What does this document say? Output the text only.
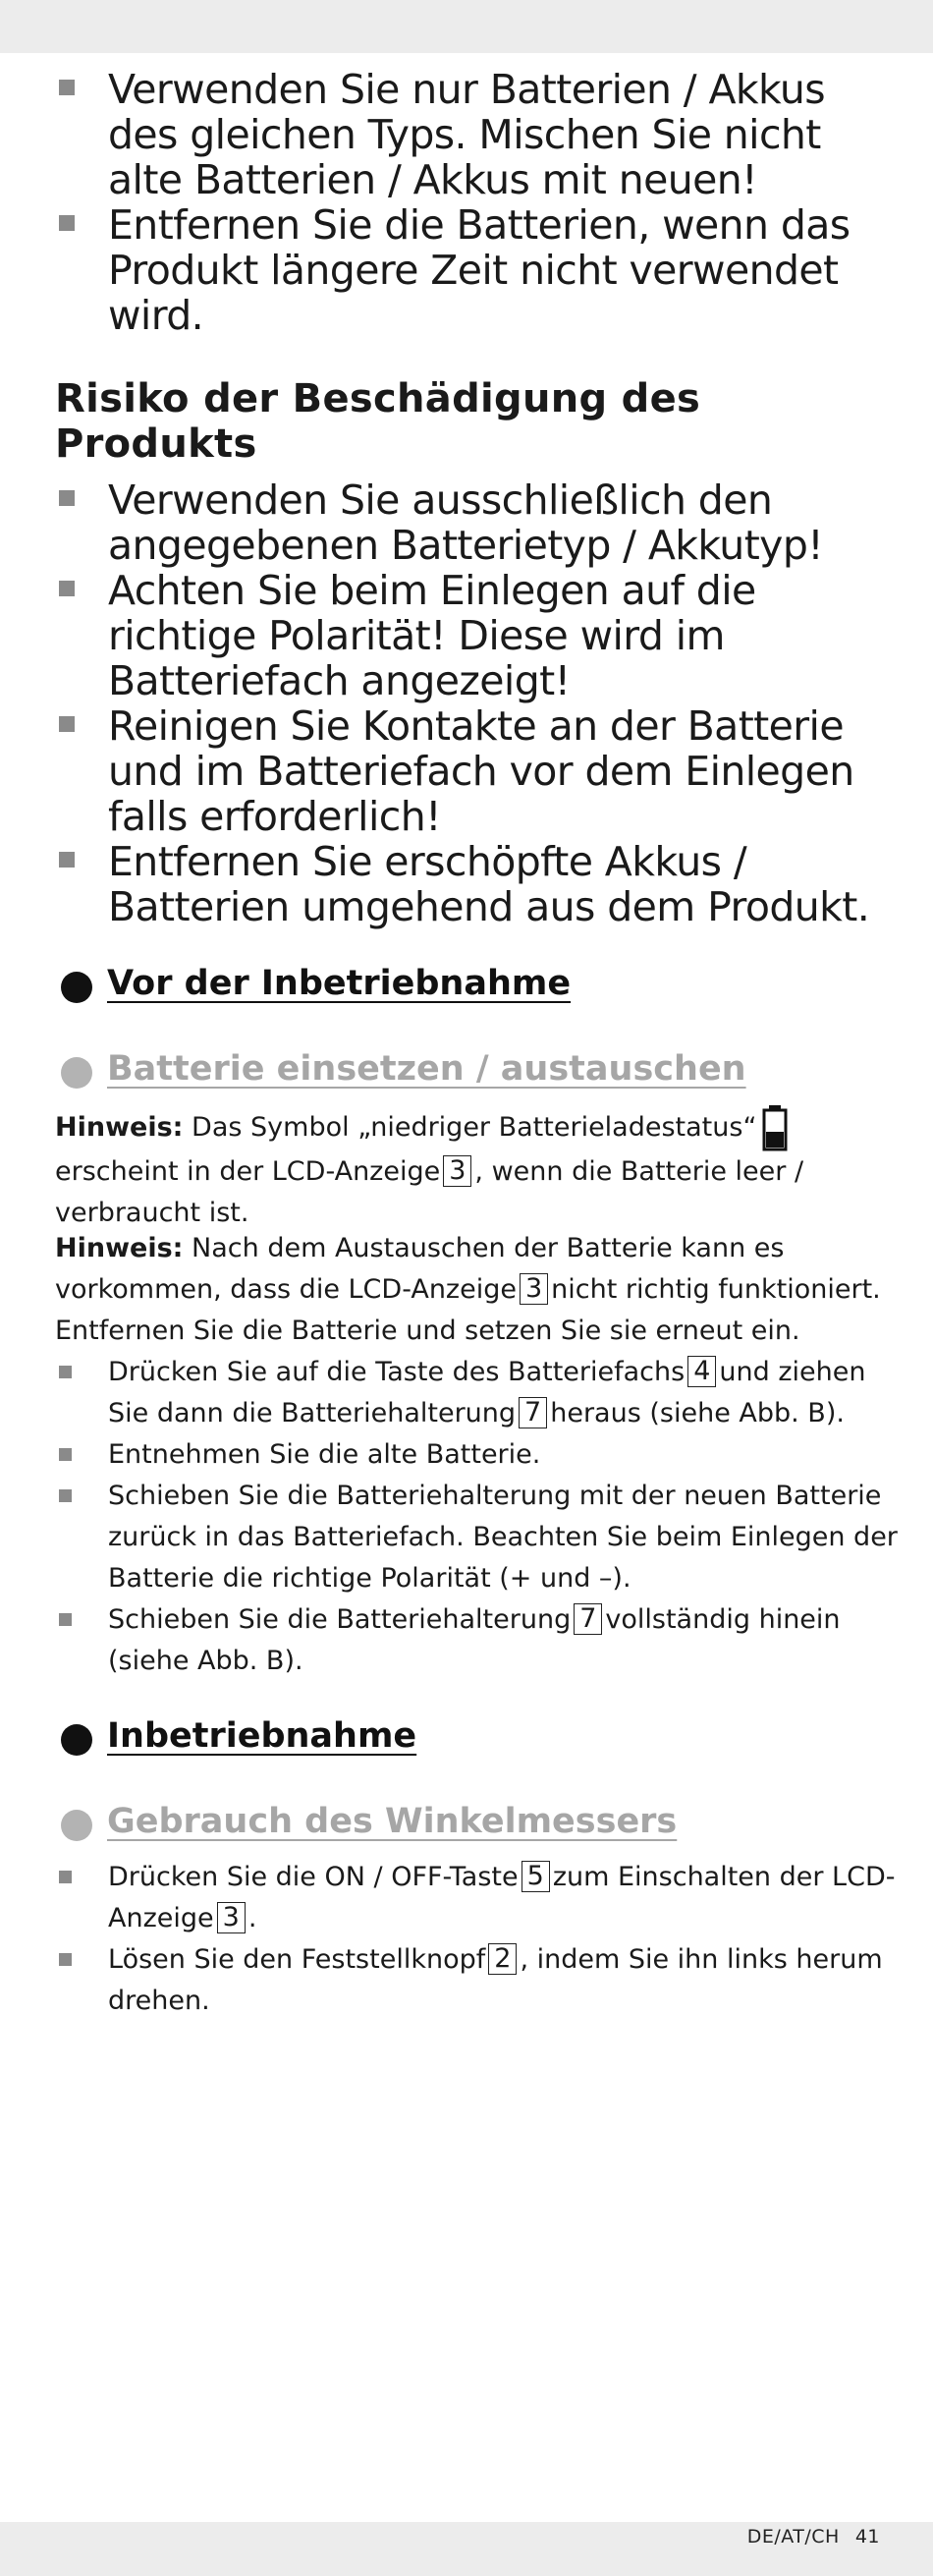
Verwenden Sie nur Batterien / Akkus des gleichen Typs. Mischen Sie nicht alte Batterien / Akkus mit neuen!
Entfernen Sie die Batterien, wenn das Produkt längere Zeit nicht verwendet wird.
Risiko der Beschädigung des Produkts
Verwenden Sie ausschließlich den angegebenen Batterietyp / Akkutyp!
Achten Sie beim Einlegen auf die richtige Polarität! Diese wird im Batteriefach angezeigt!
Reinigen Sie Kontakte an der Batterie und im Batteriefach vor dem Einlegen falls erforderlich!
Entfernen Sie erschöpfte Akkus / Batterien umgehend aus dem Produkt.
Vor der Inbetriebnahme
Batterie einsetzen / austauschen

Hinweis: Das Symbol „niedriger Batterieladestatus“ erscheint in der LCD-Anzeige 3 , wenn die Batterie leer / verbraucht ist.

Hinweis: Nach dem Austauschen der Batterie kann es vorkommen, dass die LCD-Anzeige 3 nicht richtig funktioniert. Entfernen Sie die Batterie und setzen Sie sie erneut ein.

Drücken Sie auf die Taste des Batteriefachs 4 und ziehen Sie dann die Batteriehalterung 7 heraus (siehe Abb. B).
Entnehmen Sie die alte Batterie.
Schieben Sie die Batteriehalterung mit der neuen Batterie zurück in das Batteriefach. Beachten Sie beim Einlegen der Batterie die richtige Polarität (+ und –).
Schieben Sie die Batteriehalterung 7 vollständig hinein (siehe Abb. B).
Inbetriebnahme
Gebrauch des Winkelmessers
Drücken Sie die ON / OFF-Taste 5 zum Einschalten der LCD-Anzeige 3 .
Lösen Sie den Feststellknopf 2 , indem Sie ihn links herum drehen.
DE/AT/CH 41
